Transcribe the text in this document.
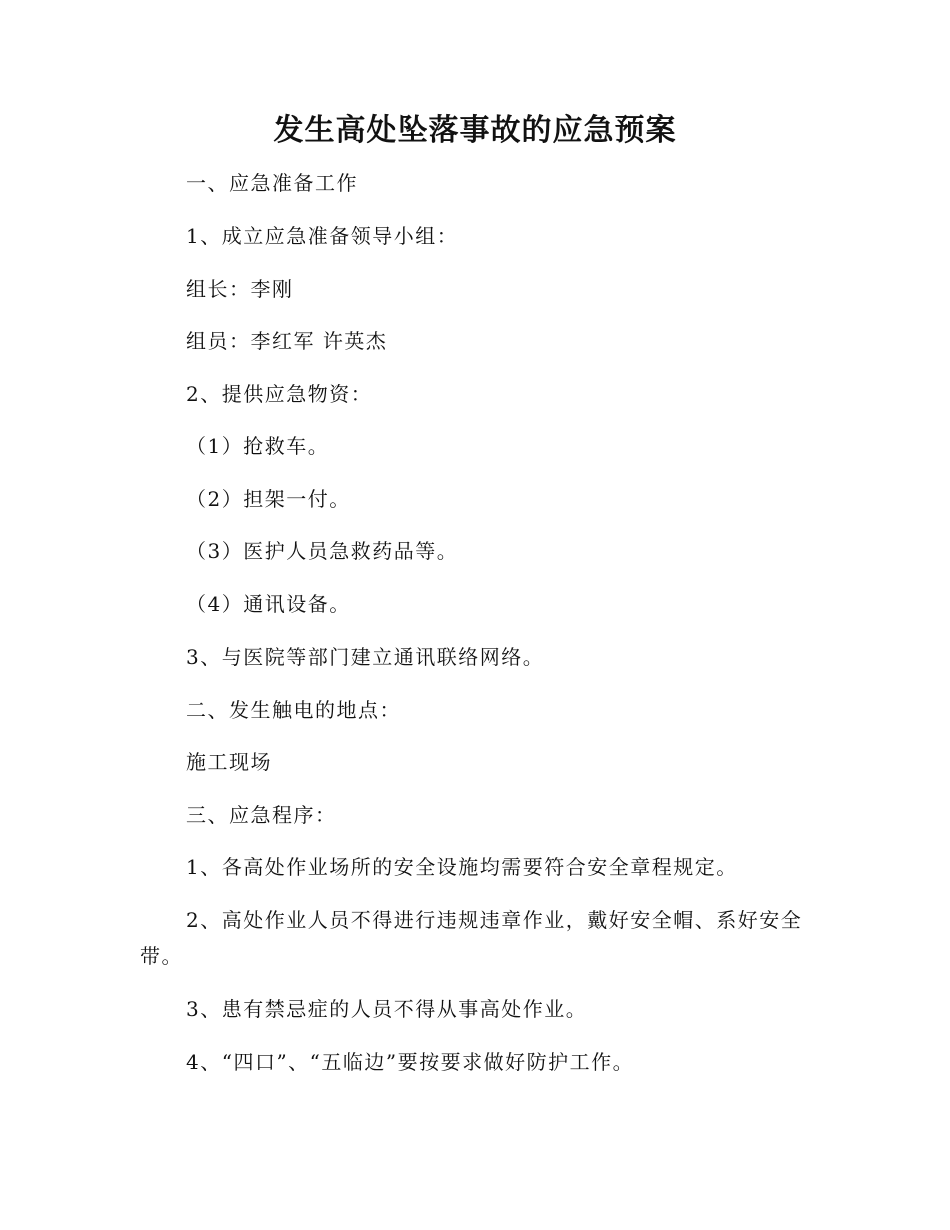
发生高处坠落事故的应急预案
一、应急准备工作
1、成立应急准备领导小组：
组长：李刚
组员：李红军 许英杰
2、提供应急物资：
（1）抢救车。
（2）担架一付。
（3）医护人员急救药品等。
（4）通讯设备。
3、与医院等部门建立通讯联络网络。
二、发生触电的地点：
施工现场
三、应急程序：
1、各高处作业场所的安全设施均需要符合安全章程规定。
2、高处作业人员不得进行违规违章作业，戴好安全帽、系好安全
带。
3、患有禁忌症的人员不得从事高处作业。
4、“四口”、“五临边”要按要求做好防护工作。
